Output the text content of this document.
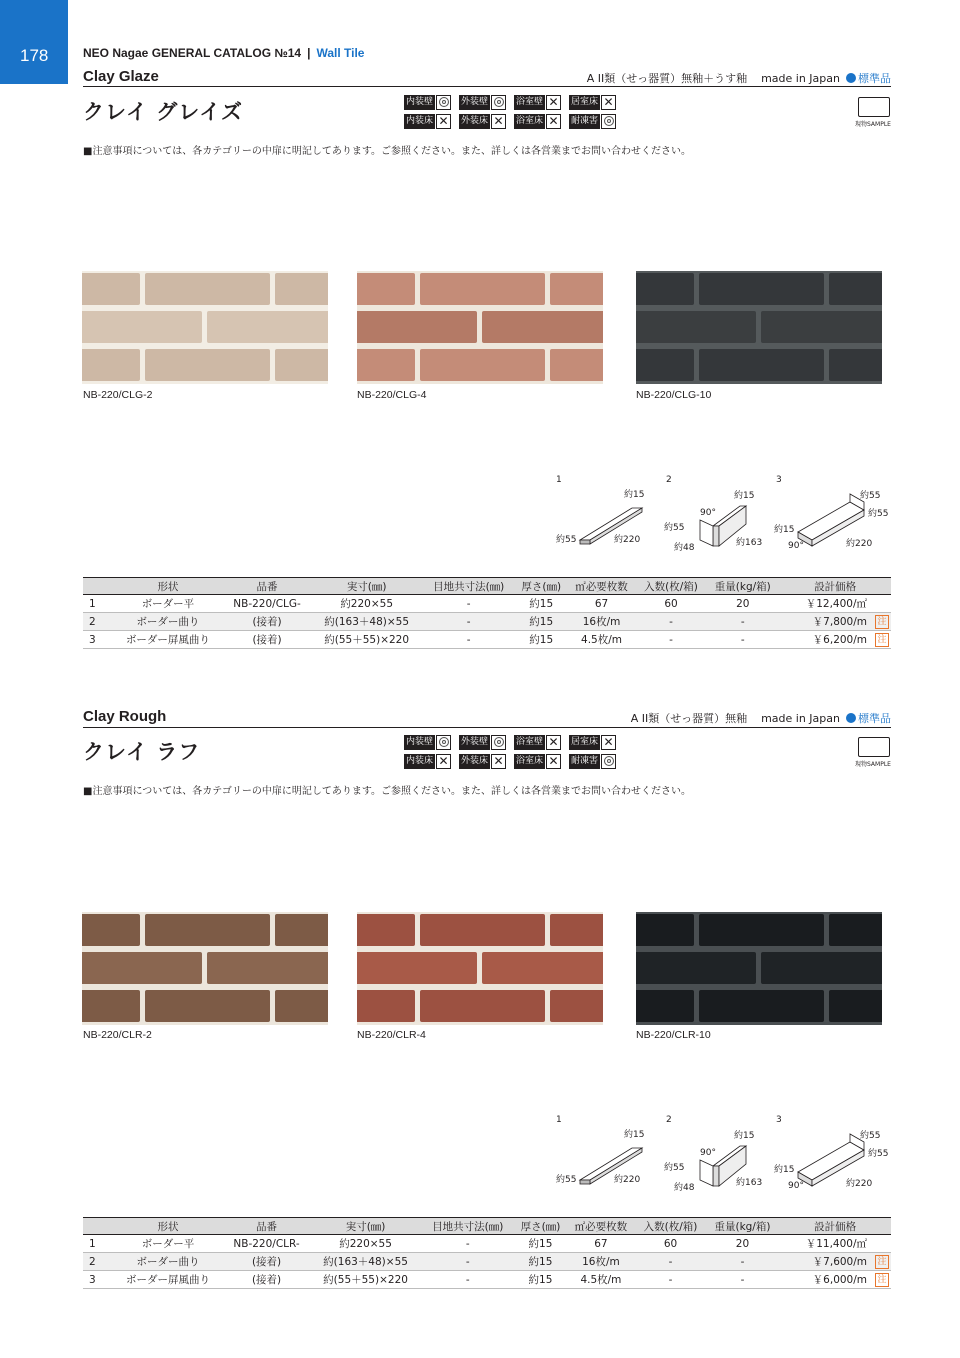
178	NEO Nagae GENERAL CATALOG №14 | Wall Tile
Clay Glaze	A II類（せっ器質）無釉＋うす釉 made in Japan 標準品
クレイ グレイズ	内装壁	外装壁	浴室壁 ✕ 居室床 ✕
内装床 ✕ 外装床 ✕ 浴室床 ✕ 耐凍害	現物SAMPLE
■注意事項については、各カテゴリーの中扉に明記してあります。ご参照ください。また、詳しくは各営業までお問い合わせください。
NB-220/CLG-2	NB-220/CLG-4	NB-220/CLG-10
1
約15
約55	約220
2
90°
約15
約55
約48	約163
3
約55
約55
約15
90°	約220
	形状	品番	実寸(㎜)	目地共寸法(㎜)	厚さ(㎜)	㎡必要枚数	入数(枚/箱)	重量(kg/箱)	設計価格
1	ボーダー平	NB-220/CLG-	約220×55	-	約15	67	60	20	￥12,400/㎡
2	ボーダー曲り	(接着)	約(163＋48)×55	-	約15	16枚/m	-	-	￥7,800/m 注
3	ボーダー屏風曲り	(接着)	約(55＋55)×220	-	約15	4.5枚/m	-	-	￥6,200/m 注
Clay Rough	A II類（せっ器質）無釉 made in Japan 標準品
クレイ ラフ	内装壁	外装壁	浴室壁 ✕ 居室床 ✕
内装床 ✕ 外装床 ✕ 浴室床 ✕ 耐凍害	現物SAMPLE
■注意事項については、各カテゴリーの中扉に明記してあります。ご参照ください。また、詳しくは各営業までお問い合わせください。
NB-220/CLR-2	NB-220/CLR-4	NB-220/CLR-10
1
約15
約55	約220
2
90°
約15
約55
約48	約163
3
約55
約55
約15
90°	約220
	形状	品番	実寸(㎜)	目地共寸法(㎜)	厚さ(㎜)	㎡必要枚数	入数(枚/箱)	重量(kg/箱)	設計価格
1	ボーダー平	NB-220/CLR-	約220×55	-	約15	67	60	20	￥11,400/㎡
2	ボーダー曲り	(接着)	約(163＋48)×55	-	約15	16枚/m	-	-	￥7,600/m 注
3	ボーダー屏風曲り	(接着)	約(55＋55)×220	-	約15	4.5枚/m	-	-	￥6,000/m 注
